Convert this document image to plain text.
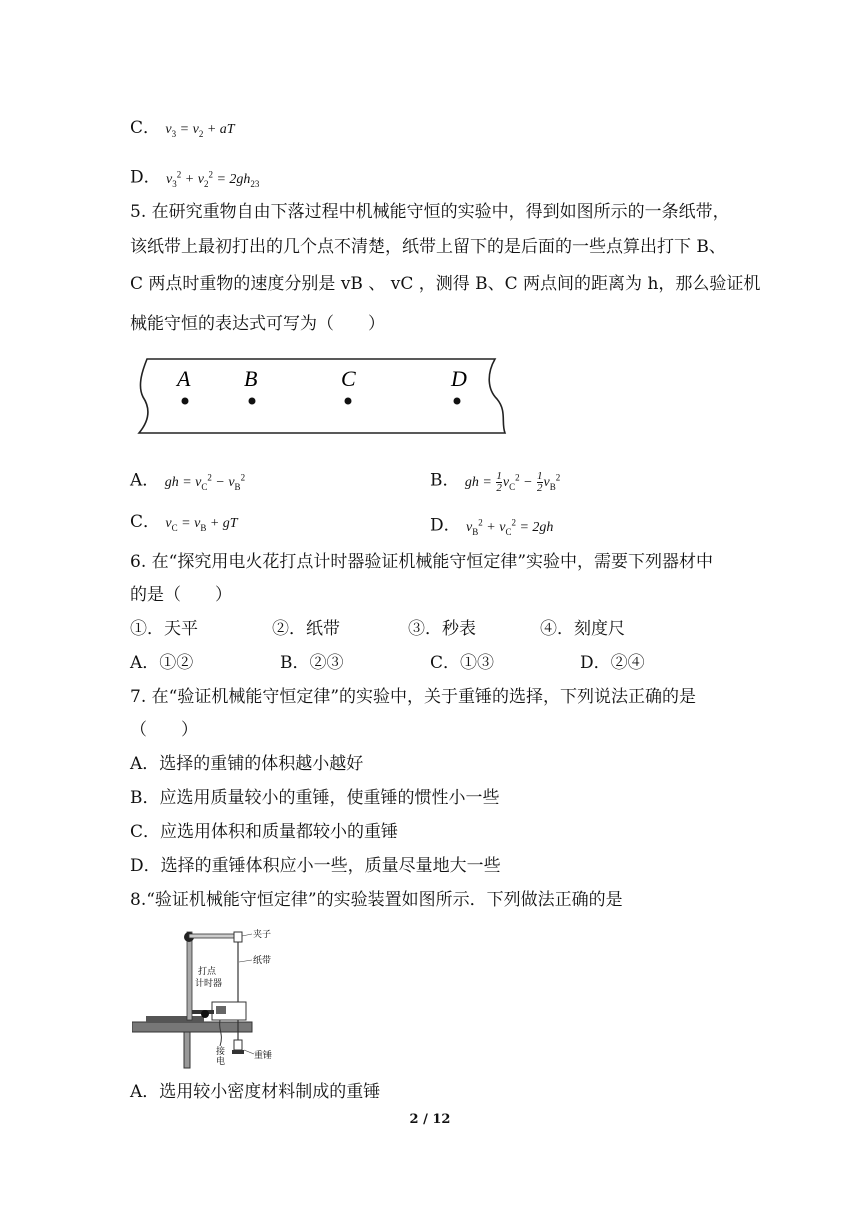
C． $v_3 = v_2$ + aT
D． $v_3^2 + v_2^2 = 2gh_{23}$
5. 在研究重物自由下落过程中机械能守恒的实验中，得到如图所示的一条纸带，
该纸带上最初打出的几个点不清楚，纸带上留下的是后面的一些点算出打下 B、
C 两点时重物的速度分别是 vB 、 vC ，测得 B、C 两点间的距离为 h，那么验证机
械能守恒的表达式可写为（　　）
A B	C	D
A． gh = $v_C^2 - v_B^2$	B． gh = $\frac{1}{2} v_C^2 - \frac{1}{2} v_B^2$
C． $v_C = v_B$ + gT	D． $v_B^2 + v_C^2 = 2gh$
6. 在“探究用电火花打点计时器验证机械能守恒定律”实验中，需要下列器材中
的是（　　）
①．天平	②．纸带	③．秒表	④．刻度尺
A．①②	B．②③	C．①③	D．②④
7. 在“验证机械能守恒定律”的实验中，关于重锤的选择，下列说法正确的是
（　　）
A．选择的重铺的体积越小越好
B．应选用质量较小的重锤，使重锤的惯性小一些
C．应选用体积和质量都较小的重锤
D．选择的重锤体积应小一些，质量尽量地大一些
8.“验证机械能守恒定律”的实验装置如图所示．下列做法正确的是
夹子
纸带
打点
计时器
接
电
重锤
A．选用较小密度材料制成的重锤
2 / 12
